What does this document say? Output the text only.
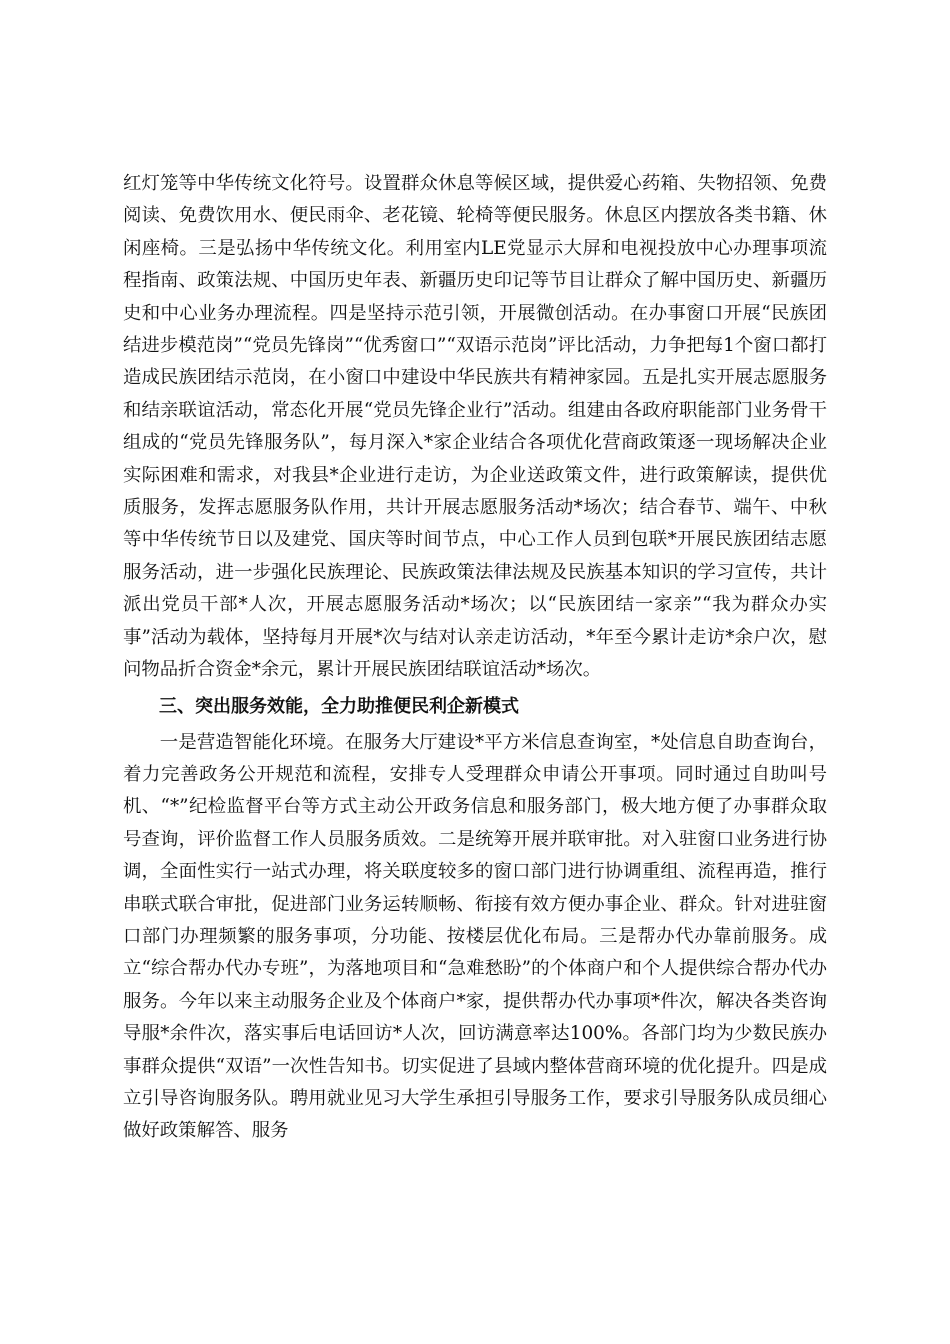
红灯笼等中华传统文化符号。设置群众休息等候区域，提供爱心药箱、失物招领、免费阅读、免费饮用水、便民雨伞、老花镜、轮椅等便民服务。休息区内摆放各类书籍、休闲座椅。三是弘扬中华传统文化。利用室内LE党显示大屏和电视投放中心办理事项流程指南、政策法规、中国历史年表、新疆历史印记等节目让群众了解中国历史、新疆历史和中心业务办理流程。四是坚持示范引领，开展微创活动。在办事窗口开展“民族团结进步模范岗”“党员先锋岗”“优秀窗口”“双语示范岗”评比活动，力争把每1个窗口都打造成民族团结示范岗，在小窗口中建设中华民族共有精神家园。五是扎实开展志愿服务和结亲联谊活动，常态化开展“党员先锋企业行”活动。组建由各政府职能部门业务骨干组成的“党员先锋服务队”，每月深入*家企业结合各项优化营商政策逐一现场解决企业实际困难和需求，对我县*企业进行走访，为企业送政策文件，进行政策解读，提供优质服务，发挥志愿服务队作用，共计开展志愿服务活动*场次；结合春节、端午、中秋等中华传统节日以及建党、国庆等时间节点，中心工作人员到包联*开展民族团结志愿服务活动，进一步强化民族理论、民族政策法律法规及民族基本知识的学习宣传，共计派出党员干部*人次，开展志愿服务活动*场次；以“民族团结一家亲”“我为群众办实事”活动为载体，坚持每月开展*次与结对认亲走访活动，*年至今累计走访*余户次，慰问物品折合资金*余元，累计开展民族团结联谊活动*场次。

三、突出服务效能，全力助推便民利企新模式

一是营造智能化环境。在服务大厅建设*平方米信息查询室，*处信息自助查询台，着力完善政务公开规范和流程，安排专人受理群众申请公开事项。同时通过自助叫号机、“*”纪检监督平台等方式主动公开政务信息和服务部门，极大地方便了办事群众取号查询，评价监督工作人员服务质效。二是统筹开展并联审批。对入驻窗口业务进行协调，全面性实行一站式办理，将关联度较多的窗口部门进行协调重组、流程再造，推行串联式联合审批，促进部门业务运转顺畅、衔接有效方便办事企业、群众。针对进驻窗口部门办理频繁的服务事项，分功能、按楼层优化布局。三是帮办代办靠前服务。成立“综合帮办代办专班”，为落地项目和“急难愁盼”的个体商户和个人提供综合帮办代办服务。今年以来主动服务企业及个体商户*家，提供帮办代办事项*件次，解决各类咨询导服*余件次，落实事后电话回访*人次，回访满意率达100%。各部门均为少数民族办事群众提供“双语”一次性告知书。切实促进了县域内整体营商环境的优化提升。四是成立引导咨询服务队。聘用就业见习大学生承担引导服务工作，要求引导服务队成员细心做好政策解答、服务
